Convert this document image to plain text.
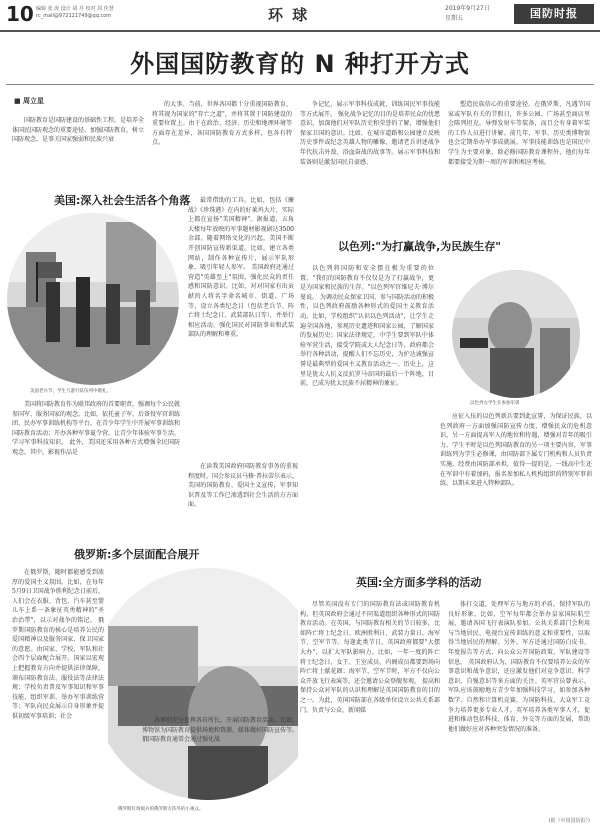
10 编辑 张 涛 设计 胡 丹 校对 周 佳慧
rc_mail@972121749@qq.com	环 球	2019年9月27日
星期五	国防时报
外国国防教育的 N 种打开方式
■ 周立星
国防教育是国防建设的基础性工程，是培养全体国民国防观念的重要途径。加强国防教育，树立国防观念，是事关国家强弱和民族兴衰
的大事。当前，世界各国都十分重视国防教育，将其视为国家的"存亡之道"，并将其置于国防建设的重要位置上。由于在政治、经济、历史和地理环境等方面存在差异，各国国防教育方式多样，也各有特点。
争记忆，展示军事科技成就、训练国民军事技能等方式展开。 强化战争记忆的目的是培养民众的忧患意识，加深他们对军队历史和荣誉的了解，增强他们保家卫国的意识。比如，在城市道路和公园建立反映历史事件或纪念英雄人物的雕像，邀请老兵讲述战争年代抗击外敌、浴血奋战的故事等。展示军事科技和装备则是激发国民自豪感、
塑造民族信心的重要途径。在俄罗斯，凡遇节国家或军队有关的节假日，许多公园、广场甚至商店里会陈列坦克、导弹发射车等装备，而且会有身着军装的工作人员进行讲解。前几年，军事、历史类博物馆也会定期举办军事成就展。军事技能训练也是国民中学生为主要对象，除必修国防教育课程外，他们每年都要接受为期一周的军训和相应考核。
美国:深入社会生活各个角落
美国老兵节，学生与游行队伍列中敬礼。
最常借助的工具。比如，包括《鏖战》《珍珠港》在内的好莱坞大片，实际上都在宣扬"美国精神"。据报道，五角大楼每年放映的军事题材影视剧达3500余部。随着网络文化的兴起，美国不断开创国防宣传新渠道。比如，建立各类网站，制作各种宣传片，展示军队形象，吸引年轻人参军。 美国政府还通过营造"英雄至上"氛围，强化民众的责任感和国防意识。比如，对对国家有出贡献的人将名字命名城市、街道、广场等，设立各类纪念日（包括老兵节、阵亡将士纪念日、武装部队日等），并举行相应活动，强化国民对国防事业和武装部队的理解和尊重。
美国将国防教育作为联邦政府的首要职责，强调每个公民就参国军、服务国家的观念。比如，依托童子军、后备役军官训练团、民办军事训练机构等平台，在青少年学生中开展军事训练和国防教育活动；开办各种军事夏令营，让青少年体验军事生活，学习军事科技知识。 此外，美国还采用各种方式增强全民国防观念，其中，影视作品是
在读我美国政府国防教育事务的重视程度时，国会参议员马修·普拉蒂尔表示，美国的国防教育、爱国主义宣传，军事知识普及等工作已渗透到社会生活的方方面面。
以色列:"为打赢战争,为民族生存"
以色列将国防和安全摆在极为重要的位置。"我们的国防教育不仅仅是为了打赢战争，更是为国家和民族的生存。"以色列军官维尼夫·博尔曼说。 为调动民众保家卫国、参与国防活动的积极性，以色列政府鼓励各种形式的爱国主义教育活动。比如，学校组织"认识以色列活动"，让学生走遍全国各地，参观历史遗迹和国家公园，了解国家的发展历史；国家法律规定，中学生要到军队中体验军营生活，接受学院或大人纪念日等，政府都会举行各种活动，提醒人们不忘历史，为护达诚强宣誓是最典型的爱国主义教育活动之一。历史上，这里是犹太人抗义反抗罗马帝国的最后一个阵地，目前，已成为犹太民族不屈精神的象征。
以色列女学生在参加军训
应征入伍的以色列新兵要到此宣誓，为保证民族，以色列政府一方面加强国防宣传力度，增强民众的危机意识，另一方面提高军人的地位和待遇，增强对青年的吸引力。学生平时是以色列国防教育的另一项主要内容，军事训练列为学生必修课，由国防部下属专门机构和人员负责实施，经费由国防部承担，值得一提的是，一线高中生还在军训中有着加码，报名参加私人机构组织的特别军事训练，以期未来进入特种部队。
俄罗斯:多个层面配合展开
在俄罗斯，随时都能感受到浓厚的爱国主义氛围。比如，在每年5月9日卫国战争胜利纪念日前后，人们会在衣服、背包、汽车甚至婴儿车上系一条象征英勇精神的"圣治治带"，以示对战争的铭记。 俄罗斯国防教育的核心是培养公民的爱国精神以及服务国家、保卫国家的意愿。由国家、学校、军队和社会四个层面配合展开。国家以宏观上把握教育方向并提供法律保障，颁布国防教育法、服役法等法律法规；学校负责普及军事知识和军事技能，组织军训、举办军事训练营等；军队向民众展示自身形象并提供初级军事培训；社会
俄罗斯红场阅兵的俄罗斯方阵外的小观众。
各界则充分发挥各自所长，开展国防教育活动。比如，博物馆为国防教育提供场地和资源，媒体做好国防宣传等。 俄国防教育通常会通过强化战
英国:全方面多学科的活动
尽管英国没有专门的国防教育法或国防教育机构，但英国政府会通过不同渠道组织各种形式的国防教育活动。在英国，与国防教育相关的节日较多，比如阵亡将士纪念日、欧洲胜利日、武装力量日、海军节、空军节等。每逢此类节日，英国政府都要"大摆大办"，以扩大军队影响力。比如，一年一度的阵亡将士纪念日，女王、王室成员、内阁成员都要到场向阵亡将士献花圈；海军节、空军节时，军方不仅向公众开放飞行表演等，还会邀请公众登舰参观。 提高和保持公众对军队的认识和理解是英国国防教育的目的之一。为此，英国国防部在各级单位设立公共关系部门，负责与公众、新闻媒
体打交道，处理军方与地方的矛盾，保持军队的良好形象。比如，空军每年都会举办皇家国际航空展，邀请各国飞行表演队参加。公共关系部门会利用与当地居民、电视台宣传训练的意义和重要性，以取得当地居民的理解。另外，军方还通过国防白皮书、年度报告等方式，向公众公开国防政策、军队建设等信息。 英国政府认为，国防教育不仅要培养公众的军事意识和战争意识，还应激发他们对竞争意识、科学意识、自强意识等多方面的关注。英军官员曾表示，军队应该鼓励地方青少年加强科技学习，如参加各种数学、自然和计算机竞赛，为国防科技、大众军工竞争力培养更多专业人才。英军培养各类军事人才，促进和推动包括科技、体育、外交等方面的发展，帮助他们做好应对各种突发情况的准备。
(据《中国国防报》)
